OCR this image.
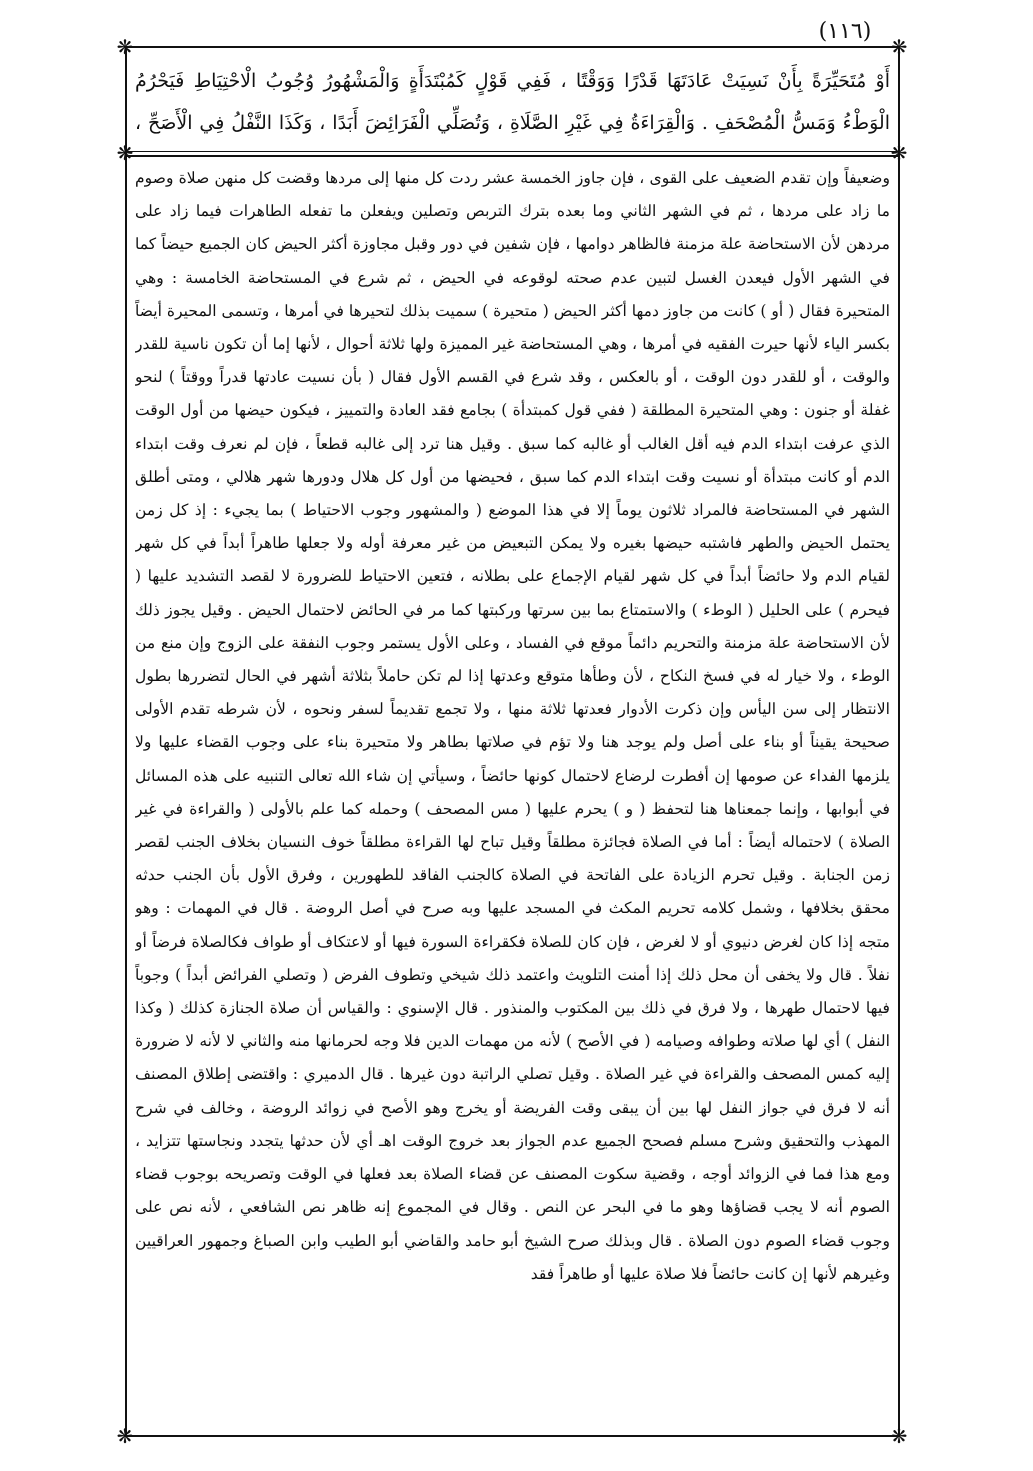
(١١٦)
❋	❋
❋	❋
❋	❋

أَوْ مُتَحَيِّرَةً بِأَنْ نَسِيَتْ عَادَتَهَا قَدْرًا وَوَقْتًا ، فَفِي قَوْلٍ كَمُبْتَدَأَةٍ وَالْمَشْهُورُ وُجُوبُ الْاحْتِيَاطِ فَيَحْرُمُ الْوَطْءُ وَمَسُّ الْمُصْحَفِ . وَالْقِرَاءَةُ فِي غَيْرِ الصَّلَاةِ ، وَتُصَلِّي الْفَرَائِضَ أَبَدًا ، وَكَذَا النَّفْلُ فِي الْأَصَحِّ ،

وضعيفاً وإن تقدم الضعيف على القوى ، فإن جاوز الخمسة عشر ردت كل منها إلى مردها وقضت كل منهن صلاة وصوم ما زاد على مردها ، ثم في الشهر الثاني وما بعده بترك التربص وتصلين ويفعلن ما تفعله الطاهرات فيما زاد على مردهن لأن الاستحاضة علة مزمنة فالظاهر دوامها ، فإن شفين في دور وقبل مجاوزة أكثر الحيض كان الجميع حيضاً كما في الشهر الأول فيعدن الغسل لتبين عدم صحته لوقوعه في الحيض ، ثم شرع في المستحاضة الخامسة : وهي المتحيرة فقال ( أو ) كانت من جاوز دمها أكثر الحيض ( متحيرة ) سميت بذلك لتحيرها في أمرها ، وتسمى المحيرة أيضاً بكسر الياء لأنها حيرت الفقيه في أمرها ، وهي المستحاضة غير المميزة ولها ثلاثة أحوال ، لأنها إما أن تكون ناسية للقدر والوقت ، أو للقدر دون الوقت ، أو بالعكس ، وقد شرع في القسم الأول فقال ( بأن نسيت عادتها قدراً ووقتاً ) لنحو غفلة أو جنون : وهي المتحيرة المطلقة ( ففي قول كمبتدأة ) بجامع فقد العادة والتمييز ، فيكون حيضها من أول الوقت الذي عرفت ابتداء الدم فيه أقل الغالب أو غالبه كما سبق . وقيل هنا ترد إلى غالبه قطعاً ، فإن لم نعرف وقت ابتداء الدم أو كانت مبتدأة أو نسيت وقت ابتداء الدم كما سبق ، فحيضها من أول كل هلال ودورها شهر هلالي ، ومتى أطلق الشهر في المستحاضة فالمراد ثلاثون يوماً إلا في هذا الموضع ( والمشهور وجوب الاحتياط ) بما يجيء : إذ كل زمن يحتمل الحيض والطهر فاشتبه حيضها بغيره ولا يمكن التبعيض من غير معرفة أوله ولا جعلها طاهراً أبداً في كل شهر لقيام الدم ولا حائضاً أبداً في كل شهر لقيام الإجماع على بطلانه ، فتعين الاحتياط للضرورة لا لقصد التشديد عليها ( فيحرم ) على الحليل ( الوطء ) والاستمتاع بما بين سرتها وركبتها كما مر في الحائض لاحتمال الحيض . وقيل يجوز ذلك لأن الاستحاضة علة مزمنة والتحريم دائماً موقع في الفساد ، وعلى الأول يستمر وجوب النفقة على الزوج وإن منع من الوطء ، ولا خيار له في فسخ النكاح ، لأن وطأها متوقع وعدتها إذا لم تكن حاملاً بثلاثة أشهر في الحال لتضررها بطول الانتظار إلى سن اليأس وإن ذكرت الأدوار فعدتها ثلاثة منها ، ولا تجمع تقديماً لسفر ونحوه ، لأن شرطه تقدم الأولى صحيحة يقيناً أو بناء على أصل ولم يوجد هنا ولا تؤم في صلاتها بطاهر ولا متحيرة بناء على وجوب القضاء عليها ولا يلزمها الفداء عن صومها إن أفطرت لرضاع لاحتمال كونها حائضاً ، وسيأتي إن شاء الله تعالى التنبيه على هذه المسائل في أبوابها ، وإنما جمعناها هنا لتحفظ ( و ) يحرم عليها ( مس المصحف ) وحمله كما علم بالأولى ( والقراءة في غير الصلاة ) لاحتماله أيضاً : أما في الصلاة فجائزة مطلقاً وقيل تباح لها القراءة مطلقاً خوف النسيان بخلاف الجنب لقصر زمن الجنابة . وقيل تحرم الزيادة على الفاتحة في الصلاة كالجنب الفاقد للطهورين ، وفرق الأول بأن الجنب حدثه محقق بخلافها ، وشمل كلامه تحريم المكث في المسجد عليها وبه صرح في أصل الروضة . قال في المهمات : وهو متجه إذا كان لغرض دنيوي أو لا لغرض ، فإن كان للصلاة فكقراءة السورة فيها أو لاعتكاف أو طواف فكالصلاة فرضاً أو نفلاً . قال ولا يخفى أن محل ذلك إذا أمنت التلويث واعتمد ذلك شيخي وتطوف الفرض ( وتصلي الفرائض أبداً ) وجوباً فيها لاحتمال طهرها ، ولا فرق في ذلك بين المكتوب والمنذور . قال الإسنوي : والقياس أن صلاة الجنازة كذلك ( وكذا النفل ) أي لها صلاته وطوافه وصيامه ( في الأصح ) لأنه من مهمات الدين فلا وجه لحرمانها منه والثاني لا لأنه لا ضرورة إليه كمس المصحف والقراءة في غير الصلاة . وقيل تصلي الراتبة دون غيرها . قال الدميري : واقتضى إطلاق المصنف أنه لا فرق في جواز النفل لها بين أن يبقى وقت الفريضة أو يخرج وهو الأصح في زوائد الروضة ، وخالف في شرح المهذب والتحقيق وشرح مسلم فصحح الجميع عدم الجواز بعد خروج الوقت اهـ أي لأن حدثها يتجدد ونجاستها تتزايد ، ومع هذا فما في الزوائد أوجه ، وقضية سكوت المصنف عن قضاء الصلاة بعد فعلها في الوقت وتصريحه بوجوب قضاء الصوم أنه لا يجب قضاؤها وهو ما في البحر عن النص . وقال في المجموع إنه ظاهر نص الشافعي ، لأنه نص على وجوب قضاء الصوم دون الصلاة . قال وبذلك صرح الشيخ أبو حامد والقاضي أبو الطيب وابن الصباغ وجمهور العراقيين وغيرهم لأنها إن كانت حائضاً فلا صلاة عليها أو طاهراً فقد
